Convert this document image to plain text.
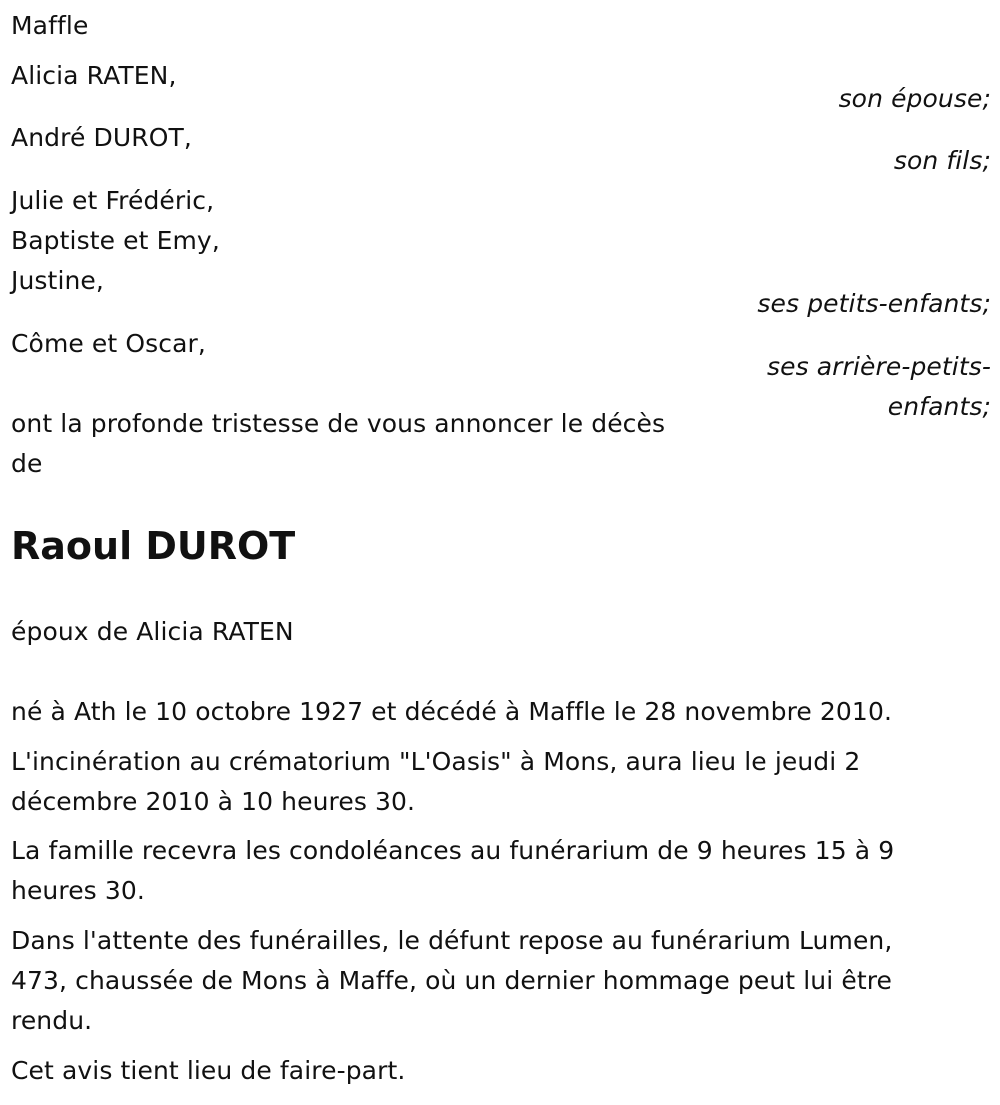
Maffle
Alicia RATEN,
son épouse;
André DUROT,
son fils;
Julie et Frédéric,
Baptiste et Emy,
Justine,
ses petits-enfants;
Côme et Oscar,
ses arrière-petits-
enfants;
ont la profonde tristesse de vous annoncer le décès
de
Raoul DUROT
époux de Alicia RATEN
né à Ath le 10 octobre 1927 et décédé à Maffle le 28 novembre 2010.
L'incinération au crématorium "L'Oasis" à Mons, aura lieu le jeudi 2
décembre 2010 à 10 heures 30.
La famille recevra les condoléances au funérarium de 9 heures 15 à 9
heures 30.
Dans l'attente des funérailles, le défunt repose au funérarium Lumen,
473, chaussée de Mons à Maffe, où un dernier hommage peut lui être
rendu.
Cet avis tient lieu de faire-part.
